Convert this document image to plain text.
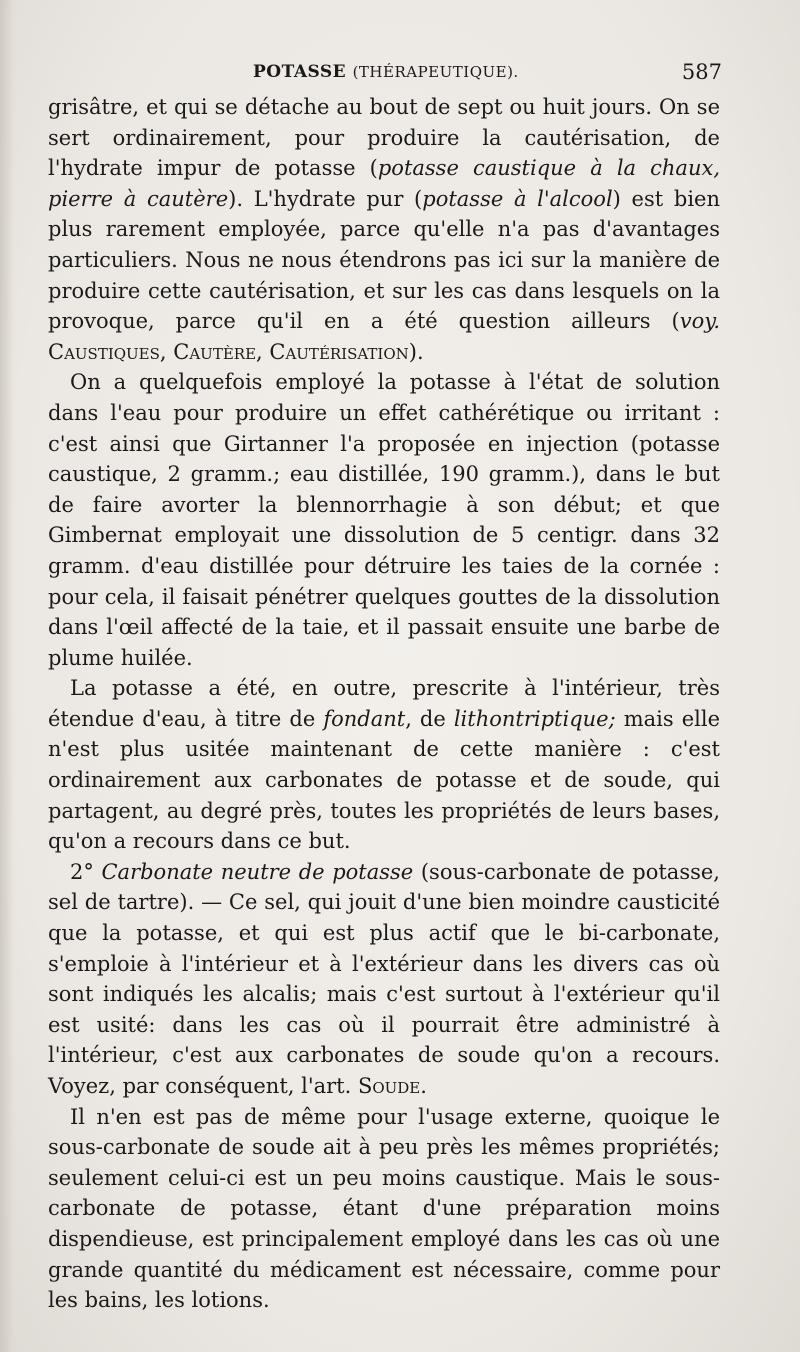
POTASSE (THÉRAPEUTIQUE).	587

grisâtre, et qui se détache au bout de sept ou huit jours. On se sert ordinairement, pour produire la cautérisation, de l'hydrate impur de potasse (potasse caustique à la chaux, pierre à cautère). L'hydrate pur (potasse à l'alcool) est bien plus rarement employée, parce qu'elle n'a pas d'avantages particuliers. Nous ne nous étendrons pas ici sur la manière de produire cette cautérisation, et sur les cas dans lesquels on la provoque, parce qu'il en a été question ailleurs (voy. Caustiques, Cautère, Cautérisation).

On a quelquefois employé la potasse à l'état de solution dans l'eau pour produire un effet cathérétique ou irritant : c'est ainsi que Girtanner l'a proposée en injection (potasse caustique, 2 gramm.; eau distillée, 190 gramm.), dans le but de faire avorter la blennorrhagie à son début; et que Gimbernat employait une dissolution de 5 centigr. dans 32 gramm. d'eau distillée pour détruire les taies de la cornée : pour cela, il faisait pénétrer quelques gouttes de la dissolution dans l'œil affecté de la taie, et il passait ensuite une barbe de plume huilée.

La potasse a été, en outre, prescrite à l'intérieur, très étendue d'eau, à titre de fondant, de lithontriptique; mais elle n'est plus usitée maintenant de cette manière : c'est ordinairement aux carbonates de potasse et de soude, qui partagent, au degré près, toutes les propriétés de leurs bases, qu'on a recours dans ce but.

2° Carbonate neutre de potasse (sous-carbonate de potasse, sel de tartre). — Ce sel, qui jouit d'une bien moindre causticité que la potasse, et qui est plus actif que le bi-carbonate, s'emploie à l'intérieur et à l'extérieur dans les divers cas où sont indiqués les alcalis; mais c'est surtout à l'extérieur qu'il est usité: dans les cas où il pourrait être administré à l'intérieur, c'est aux carbonates de soude qu'on a recours. Voyez, par conséquent, l'art. Soude.

Il n'en est pas de même pour l'usage externe, quoique le sous-carbonate de soude ait à peu près les mêmes propriétés; seulement celui-ci est un peu moins caustique. Mais le sous-carbonate de potasse, étant d'une préparation moins dispendieuse, est principalement employé dans les cas où une grande quantité du médicament est nécessaire, comme pour les bains, les lotions.
